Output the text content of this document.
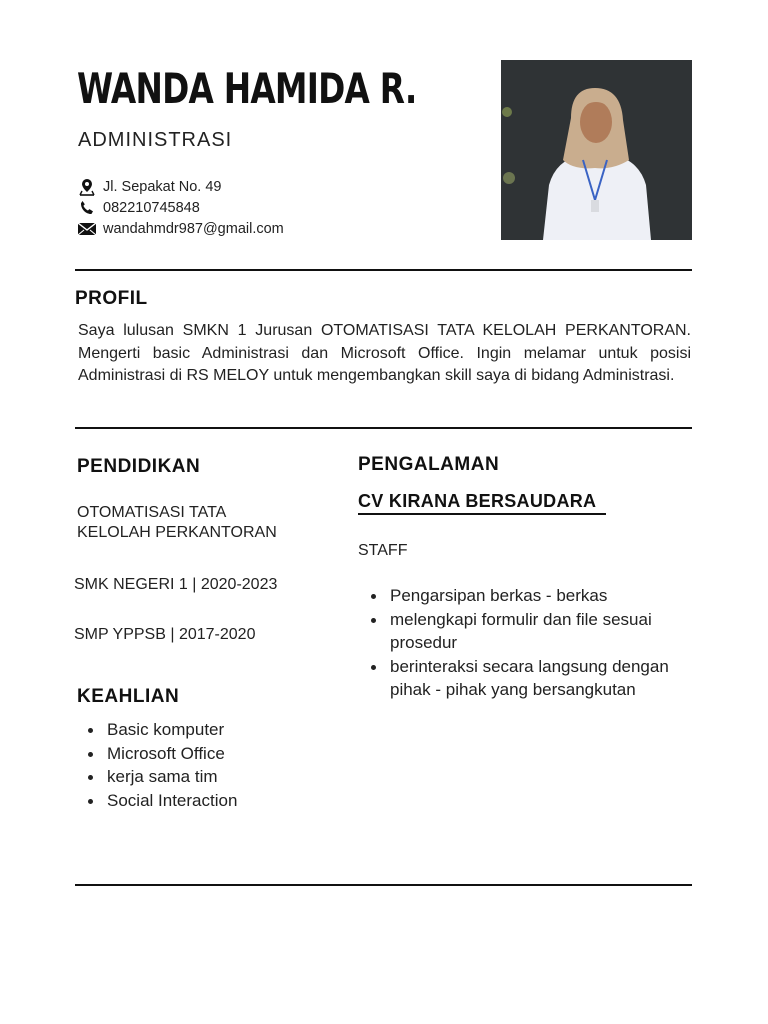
WANDA HAMIDA R.
ADMINISTRASI
Jl. Sepakat No. 49
082210745848
wandahmdr987@gmail.com
PROFIL
Saya lulusan SMKN 1 Jurusan OTOMATISASI TATA KELOLAH PERKANTORAN. Mengerti basic Administrasi dan Microsoft Office. Ingin melamar untuk posisi Administrasi di RS MELOY untuk mengembangkan skill saya di bidang Administrasi.
PENDIDIKAN
OTOMATISASI TATA
KELOLAH PERKANTORAN
SMK NEGERI 1 | 2020-2023
SMP YPPSB | 2017-2020
KEAHLIAN
Basic komputer
Microsoft Office
kerja sama tim
Social Interaction
PENGALAMAN
CV KIRANA BERSAUDARA
STAFF
Pengarsipan berkas - berkas
melengkapi formulir dan file sesuai prosedur
berinteraksi secara langsung dengan pihak - pihak yang bersangkutan
